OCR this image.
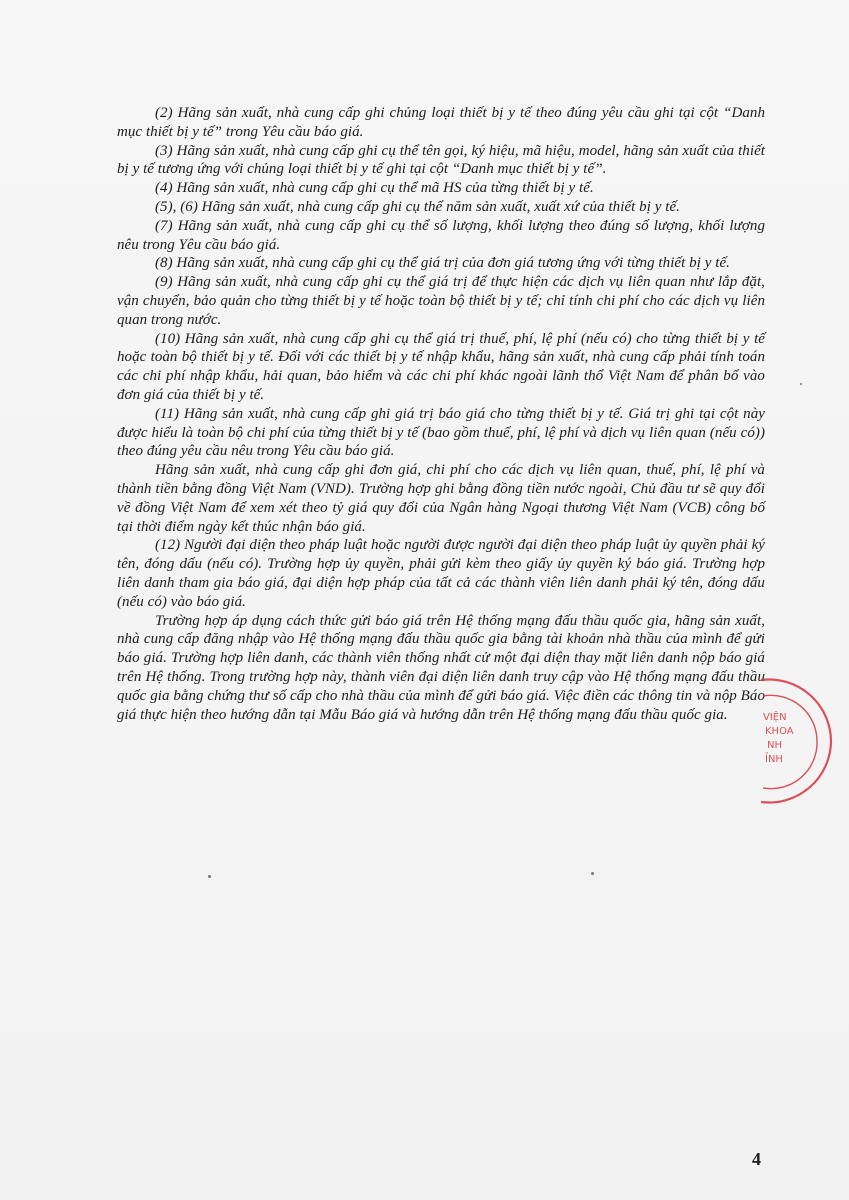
(2) Hãng sản xuất, nhà cung cấp ghi chủng loại thiết bị y tế theo đúng yêu cầu ghi tại cột “Danh mục thiết bị y tế” trong Yêu cầu báo giá.

(3) Hãng sản xuất, nhà cung cấp ghi cụ thể tên gọi, ký hiệu, mã hiệu, model, hãng sản xuất của thiết bị y tế tương ứng với chủng loại thiết bị y tế ghi tại cột “Danh mục thiết bị y tế”.

(4) Hãng sản xuất, nhà cung cấp ghi cụ thể mã HS của từng thiết bị y tế.

(5), (6) Hãng sản xuất, nhà cung cấp ghi cụ thể năm sản xuất, xuất xứ của thiết bị y tế.

(7) Hãng sản xuất, nhà cung cấp ghi cụ thể số lượng, khối lượng theo đúng số lượng, khối lượng nêu trong Yêu cầu báo giá.

(8) Hãng sản xuất, nhà cung cấp ghi cụ thể giá trị của đơn giá tương ứng với từng thiết bị y tế.

(9) Hãng sản xuất, nhà cung cấp ghi cụ thể giá trị để thực hiện các dịch vụ liên quan như lắp đặt, vận chuyển, bảo quản cho từng thiết bị y tế hoặc toàn bộ thiết bị y tế; chỉ tính chi phí cho các dịch vụ liên quan trong nước.

(10) Hãng sản xuất, nhà cung cấp ghi cụ thể giá trị thuế, phí, lệ phí (nếu có) cho từng thiết bị y tế hoặc toàn bộ thiết bị y tế. Đối với các thiết bị y tế nhập khẩu, hãng sản xuất, nhà cung cấp phải tính toán các chi phí nhập khẩu, hải quan, bảo hiểm và các chi phí khác ngoài lãnh thổ Việt Nam để phân bổ vào đơn giá của thiết bị y tế.

(11) Hãng sản xuất, nhà cung cấp ghi giá trị báo giá cho từng thiết bị y tế. Giá trị ghi tại cột này được hiểu là toàn bộ chi phí của từng thiết bị y tế (bao gồm thuế, phí, lệ phí và dịch vụ liên quan (nếu có)) theo đúng yêu cầu nêu trong Yêu cầu báo giá.

Hãng sản xuất, nhà cung cấp ghi đơn giá, chi phí cho các dịch vụ liên quan, thuế, phí, lệ phí và thành tiền bằng đồng Việt Nam (VND). Trường hợp ghi bằng đồng tiền nước ngoài, Chủ đầu tư sẽ quy đổi về đồng Việt Nam để xem xét theo tỷ giá quy đổi của Ngân hàng Ngoại thương Việt Nam (VCB) công bố tại thời điểm ngày kết thúc nhận báo giá.

(12) Người đại diện theo pháp luật hoặc người được người đại diện theo pháp luật ủy quyền phải ký tên, đóng dấu (nếu có). Trường hợp ủy quyền, phải gửi kèm theo giấy ủy quyền ký báo giá. Trường hợp liên danh tham gia báo giá, đại diện hợp pháp của tất cả các thành viên liên danh phải ký tên, đóng dấu (nếu có) vào báo giá.

Trường hợp áp dụng cách thức gửi báo giá trên Hệ thống mạng đấu thầu quốc gia, hãng sản xuất, nhà cung cấp đăng nhập vào Hệ thống mạng đấu thầu quốc gia bằng tài khoản nhà thầu của mình để gửi báo giá. Trường hợp liên danh, các thành viên thống nhất cử một đại diện thay mặt liên danh nộp báo giá trên Hệ thống. Trong trường hợp này, thành viên đại diện liên danh truy cập vào Hệ thống mạng đấu thầu quốc gia bằng chứng thư số cấp cho nhà thầu của mình để gửi báo giá. Việc điền các thông tin và nộp Báo giá thực hiện theo hướng dẫn tại Mẫu Báo giá và hướng dẫn trên Hệ thống mạng đấu thầu quốc gia.	VIỆN
KHOA
NH
ỈNH
4
